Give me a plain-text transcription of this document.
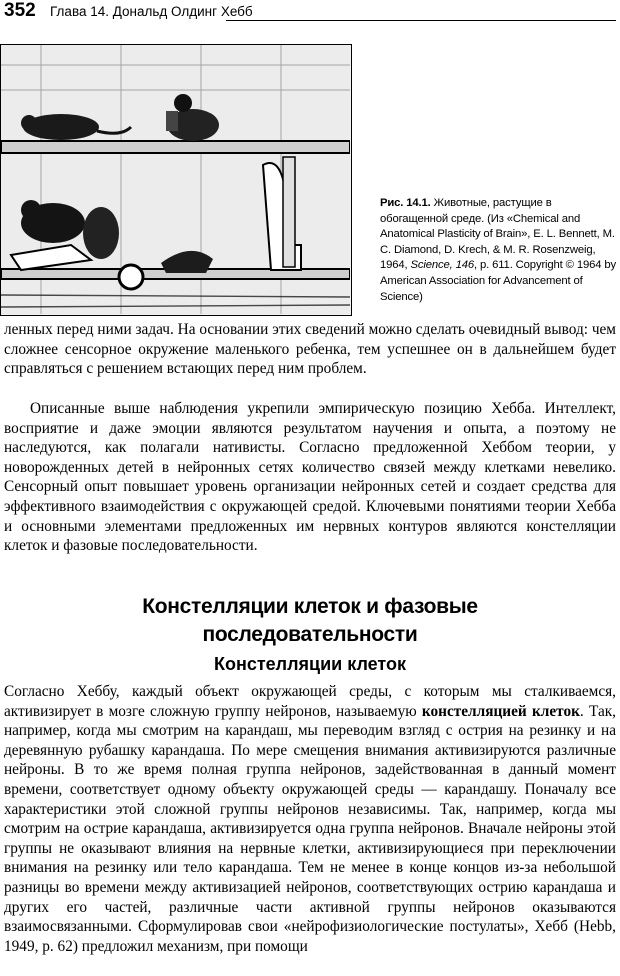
352 Глава 14. Дональд Олдинг Хебб
Рис. 14.1. Животные, растущие в обогащенной среде. (Из «Chemical and Anatomical Plasticity of Brain», E. L. Bennett, M. C. Diamond, D. Krech, & M. R. Rosenzweig, 1964, Science, 146, p. 611. Copyright © 1964 by American Association for Advancement of Science)

ленных перед ними задач. На основании этих сведений можно сделать очевидный вывод: чем сложнее сенсорное окружение маленького ребенка, тем успешнее он в дальнейшем будет справляться с решением встающих перед ним проблем.

Описанные выше наблюдения укрепили эмпирическую позицию Хебба. Интеллект, восприятие и даже эмоции являются результатом научения и опыта, а поэтому не наследуются, как полагали нативисты. Согласно предложенной Хеббом теории, у новорожденных детей в нейронных сетях количество связей между клетками невелико. Сенсорный опыт повышает уровень организации нейронных сетей и создает средства для эффективного взаимодействия с окружающей средой. Ключевыми понятиями теории Хебба и основными элементами предложенных им нервных контуров являются констелляции клеток и фазовые последовательности.

Констелляции клеток и фазовые
последовательности
Констелляции клеток

Согласно Хеббу, каждый объект окружающей среды, с которым мы сталкиваемся, активизирует в мозге сложную группу нейронов, называемую констелляцией клеток. Так, например, когда мы смотрим на карандаш, мы переводим взгляд с острия на резинку и на деревянную рубашку карандаша. По мере смещения внимания активизируются различные нейроны. В то же время полная группа нейронов, задействованная в данный момент времени, соответствует одному объекту окружающей среды — карандашу. Поначалу все характеристики этой сложной группы нейронов независимы. Так, например, когда мы смотрим на острие карандаша, активизируется одна группа нейронов. Вначале нейроны этой группы не оказывают влияния на нервные клетки, активизирующиеся при переключении внимания на резинку или тело карандаша. Тем не менее в конце концов из-за небольшой разницы во времени между активизацией нейронов, соответствующих острию карандаша и других его частей, различные части активной группы нейронов оказываются взаимосвязанными. Сформулировав свои «нейрофизиологические постулаты», Хебб (Hebb, 1949, p. 62) предложил механизм, при помощи
